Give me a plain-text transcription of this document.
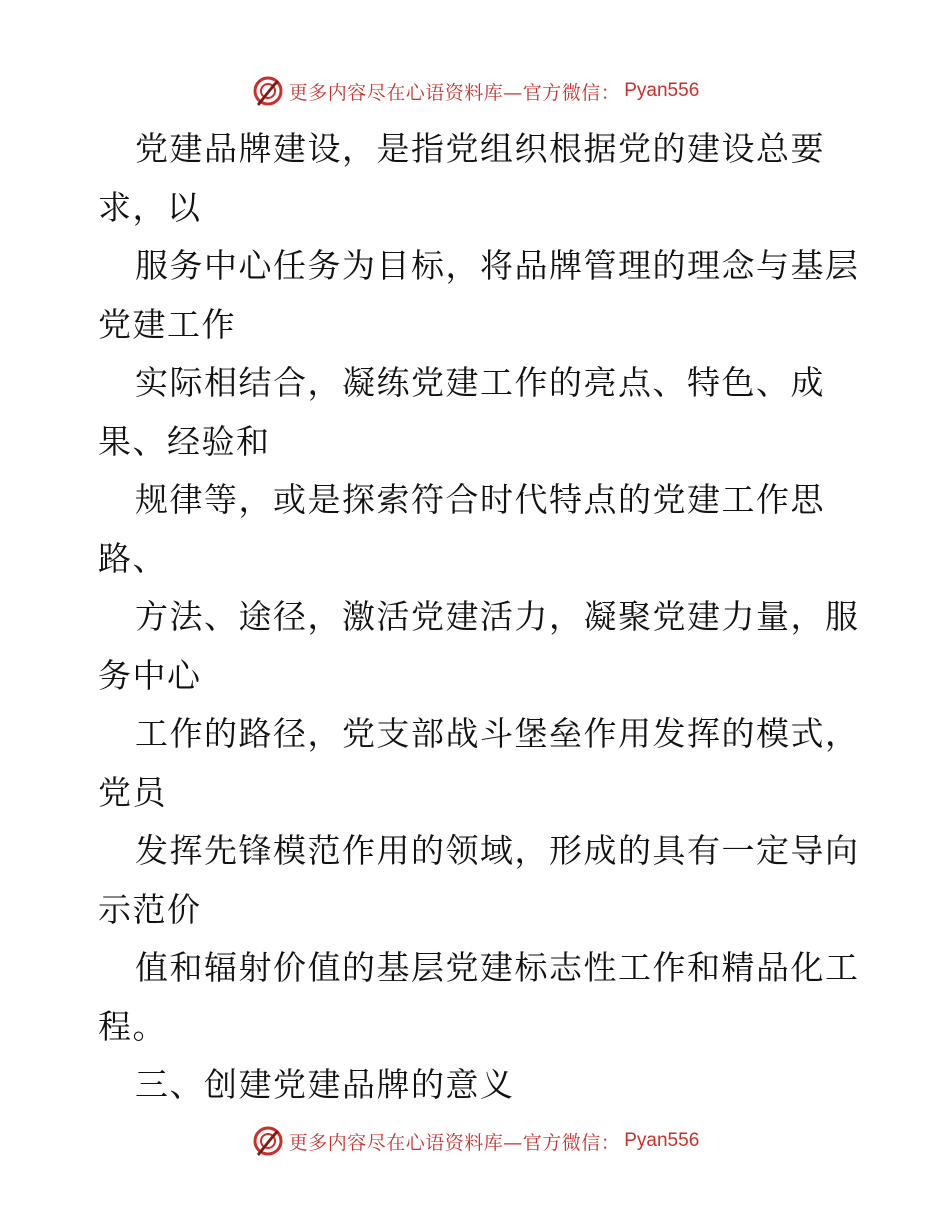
更多内容尽在心语资料库—官方微信： Pyan556
党建品牌建设，是指党组织根据党的建设总要
求，以
服务中心任务为目标，将品牌管理的理念与基层
党建工作
实际相结合，凝练党建工作的亮点、特色、成
果、经验和
规律等，或是探索符合时代特点的党建工作思
路、
方法、途径，激活党建活力，凝聚党建力量，服
务中心
工作的路径，党支部战斗堡垒作用发挥的模式，
党员
发挥先锋模范作用的领域，形成的具有一定导向
示范价
值和辐射价值的基层党建标志性工作和精品化工
程。
三、创建党建品牌的意义
更多内容尽在心语资料库—官方微信： Pyan556
